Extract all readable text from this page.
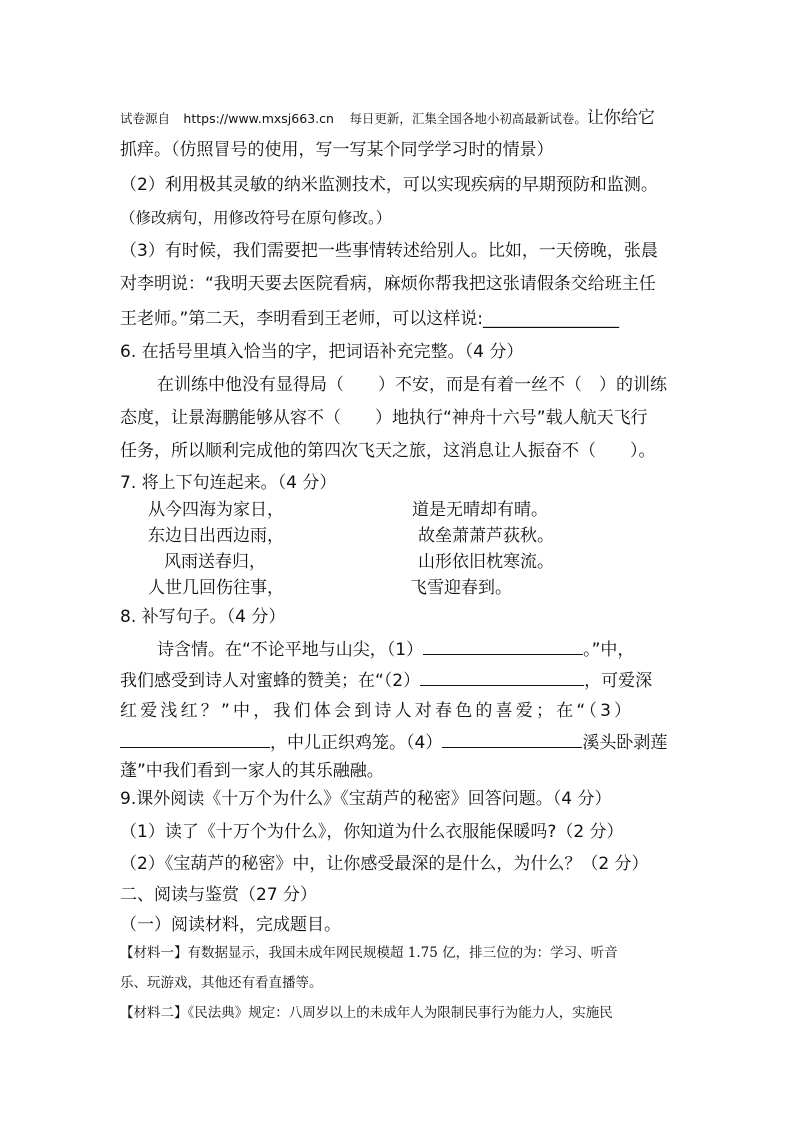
试卷源自 https://www.mxsj663.cn 每日更新，汇集全国各地小初高最新试卷。让你给它
抓痒。（仿照冒号的使用，写一写某个同学学习时的情景）
（2）利用极其灵敏的纳米监测技术，可以实现疾病的早期预防和监测。
（修改病句，用修改符号在原句修改。）
（3）有时候，我们需要把一些事情转述给别人。比如，一天傍晚，张晨
对李明说：“我明天要去医院看病，麻烦你帮我把这张请假条交给班主任
王老师。”第二天，李明看到王老师，可以这样说:________________
6. 在括号里填入恰当的字，把词语补充完整。（4 分）
在训练中他没有显得局（　　）不安，而是有着一丝不（　）的训练
态度，让景海鹏能够从容不（　　）地执行“神舟十六号”载人航天飞行
任务，所以顺利完成他的第四次飞天之旅，这消息让人振奋不（　　）。
7. 将上下句连起来。（4 分）
从今四海为家日，
东边日出西边雨，
风雨送春归，
人世几回伤往事，
道是无晴却有晴。
故垒萧萧芦荻秋。
山形依旧枕寒流。
飞雪迎春到。
8. 补写句子。（4 分）
诗含情。在“不论平地与山尖，（1）	。”中，
我们感受到诗人对蜜蜂的赞美；在“（2）	，可爱深
红爱浅红？”中，我们体会到诗人对春色的喜爱；在“（3）
，中儿正织鸡笼。（4）	溪头卧剥莲
蓬”中我们看到一家人的其乐融融。
9.课外阅读《十万个为什么》《宝葫芦的秘密》回答问题。（4 分）
（1）读了《十万个为什么》，你知道为什么衣服能保暖吗?（2 分）
（2）《宝葫芦的秘密》中，让你感受最深的是什么，为什么？（2 分）
二、阅读与鉴赏（27 分）
（一）阅读材料，完成题目。
【材料一】有数据显示，我国未成年网民规模超 1.75 亿，排三位的为：学习、听音
乐、玩游戏，其他还有看直播等。
【材料二】《民法典》规定：八周岁以上的未成年人为限制民事行为能力人，实施民
